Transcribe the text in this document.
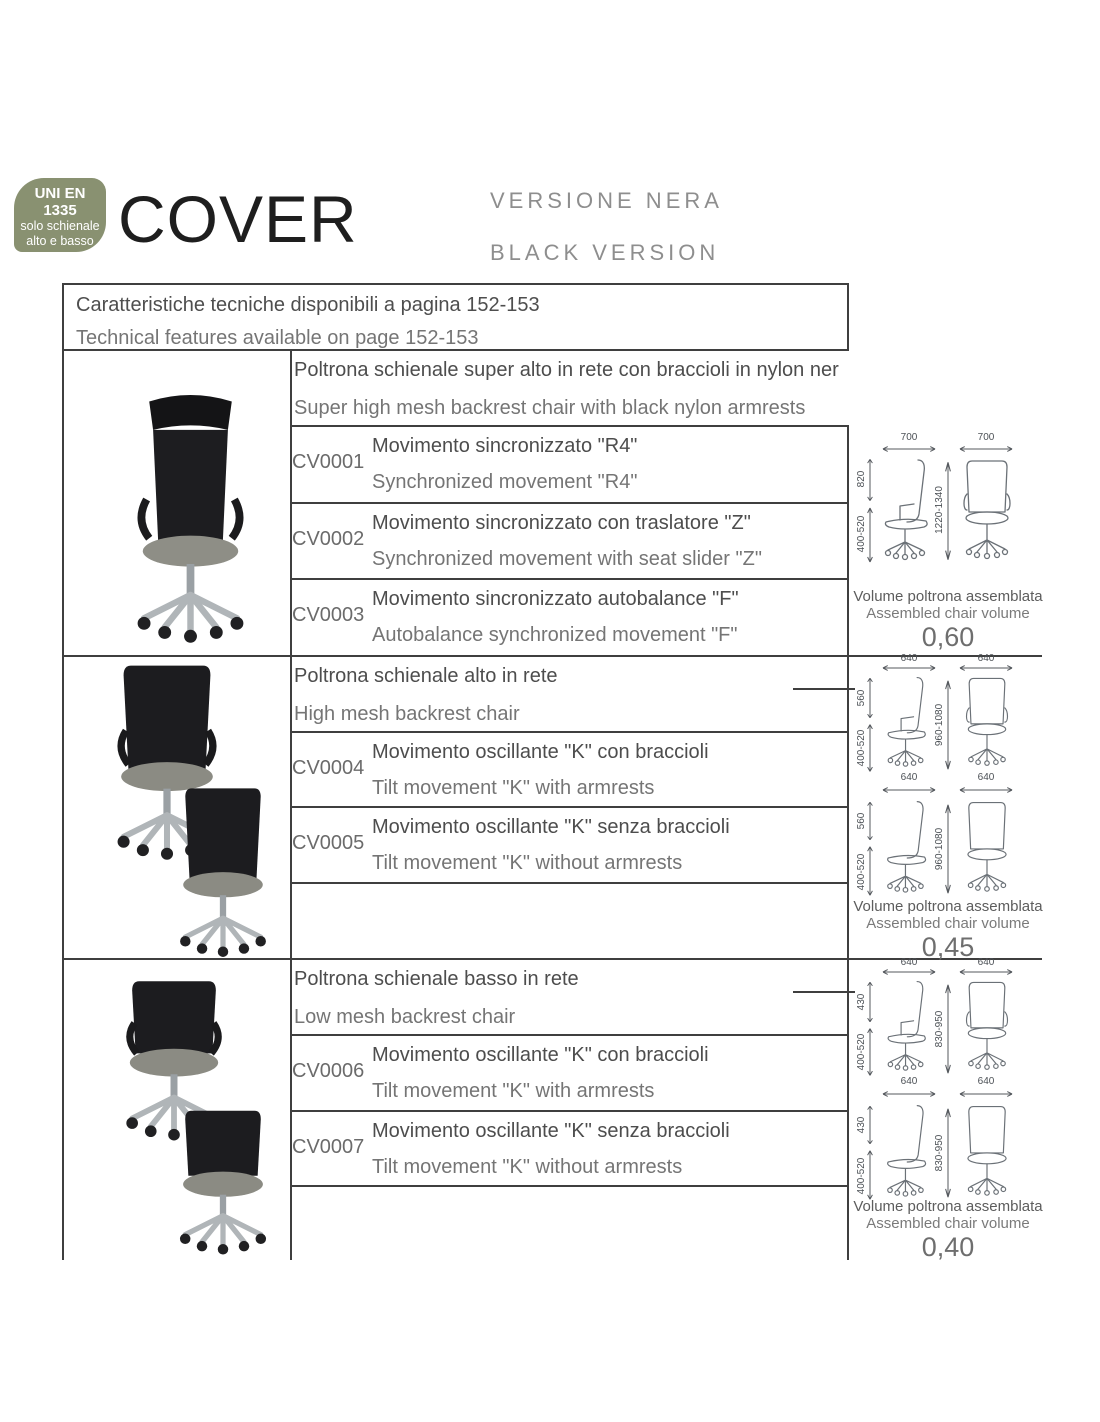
UNI EN
1335
solo schienale
alto e basso COVER	VERSIONE NERA
BLACK VERSION
Caratteristiche tecniche disponibili a pagina 152-153
Technical features available on page 152-153
Poltrona schienale super alto in rete con braccioli in nylon ner
Super high mesh backrest chair with black nylon armrests
CV0001
Movimento sincronizzato "R4"
Synchronized movement "R4"
CV0002
Movimento sincronizzato con traslatore "Z"
Synchronized movement with seat slider "Z"
CV0003
Movimento sincronizzato autobalance "F"
Autobalance synchronized movement "F"
700	700
820
400-520
1220-1340
Volume poltrona assemblata
Assembled chair volume
0,60
Poltrona schienale alto in rete
High mesh backrest chair
CV0004
Movimento oscillante "K" con braccioli
Tilt movement "K" with armrests
CV0005
Movimento oscillante "K" senza braccioli
Tilt movement "K" without armrests
640	640
560
400-520
960-1080
640	640
560
400-520
960-1080
Volume poltrona assemblata
Assembled chair volume
0,45
Poltrona schienale basso in rete
Low mesh backrest chair
CV0006
Movimento oscillante "K" con braccioli
Tilt movement "K" with armrests
CV0007
Movimento oscillante "K" senza braccioli
Tilt movement "K" without armrests
640	640
430
400-520
830-950
640	640
430
400-520
830-950
Volume poltrona assemblata
Assembled chair volume
0,40
